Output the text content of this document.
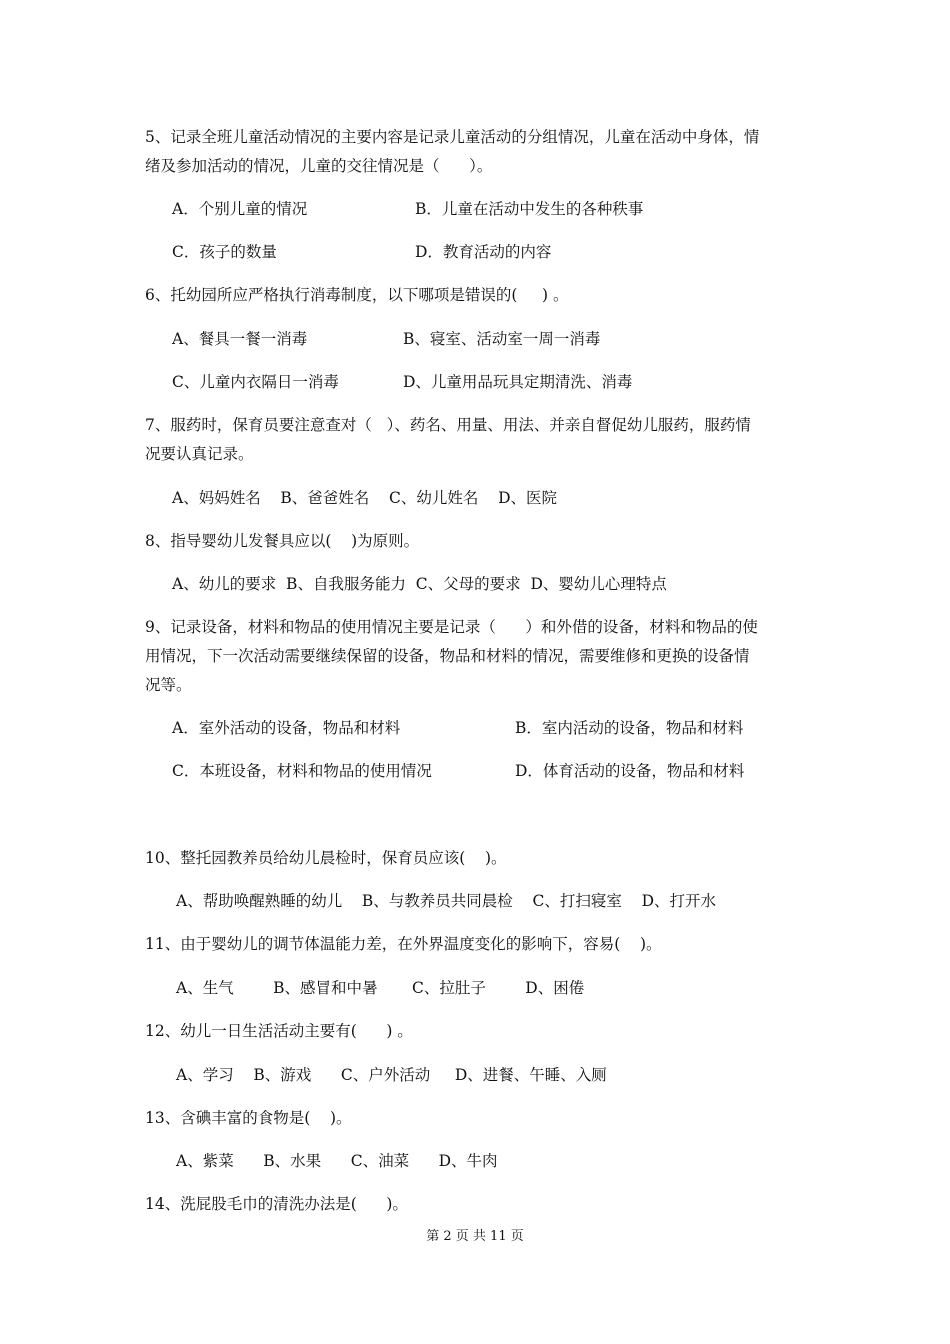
5、记录全班儿童活动情况的主要内容是记录儿童活动的分组情况，儿童在活动中身体，情

绪及参加活动的情况，儿童的交往情况是（      ）。

A．个别儿童的情况	B．儿童在活动中发生的各种秩事
C．孩子的数量	D．教育活动的内容

6、托幼园所应严格执行消毒制度，以下哪项是错误的(     ) 。

A、餐具一餐一消毒	B、寝室、活动室一周一消毒
C、儿童内衣隔日一消毒	D、儿童用品玩具定期清洗、消毒

7、服药时，保育员要注意查对（   ）、药名、用量、用法、并亲自督促幼儿服药，服药情

况要认真记录。

A、妈妈姓名    B、爸爸姓名    C、幼儿姓名    D、医院

8、指导婴幼儿发餐具应以(    )为原则。

A、幼儿的要求  B、自我服务能力  C、父母的要求  D、婴幼儿心理特点

9、记录设备，材料和物品的使用情况主要是记录（      ）和外借的设备，材料和物品的使

用情况，下一次活动需要继续保留的设备，物品和材料的情况，需要维修和更换的设备情

况等。

A．室外活动的设备，物品和材料	B．室内活动的设备，物品和材料
C．本班设备，材料和物品的使用情况	D．体育活动的设备，物品和材料

10、整托园教养员给幼儿晨检时，保育员应该(    )。

A、帮助唤醒熟睡的幼儿    B、与教养员共同晨检    C、打扫寝室    D、打开水

11、由于婴幼儿的调节体温能力差，在外界温度变化的影响下，容易(    )。

A、生气        B、感冒和中暑       C、拉肚子        D、困倦

12、幼儿一日生活活动主要有(      ) 。

A、学习    B、游戏      C、户外活动     D、进餐、午睡、入厕

13、含碘丰富的食物是(    )。

A、紫菜      B、水果      C、油菜      D、牛肉

14、洗屁股毛巾的清洗办法是(      )。

第 2 页 共 11 页
